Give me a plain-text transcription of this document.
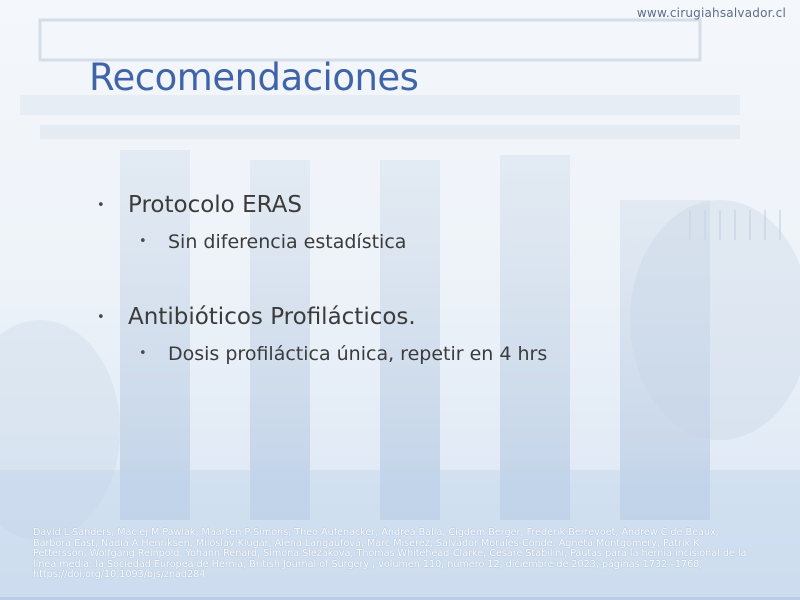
www.cirugiahsalvador.cl
Recomendaciones
• Protocolo ERAS
• Sin diferencia estadística
• Antibióticos Profilácticos.
• Dosis profiláctica única, repetir en 4 hrs
David L Sanders, Maciej M Pawlak, Maarten P Simons, Theo Aufenacker, Andrea Balla, Cigdem Berger, Frederik Berrevoet, Andrew C de Beaux, Barbora East, Nadia A Henriksen, Miloslav Klugar, Alena Langaufová, Marc Miserez, Salvador Morales-Conde, Agneta Montgomery, Patrik K Pettersson, Wolfgang Reinpold, Yohann Renard, Simona Slezáková, Thomas Whitehead-Clarke, Cesare Stabilini, Pautas para la hernia incisional de la línea media: la Sociedad Europea de Hernia, British Journal of Surgery , volumen 110, número 12, diciembre de 2023, páginas 1732 –1768, https://doi.org/10.1093/bjs/znad284
